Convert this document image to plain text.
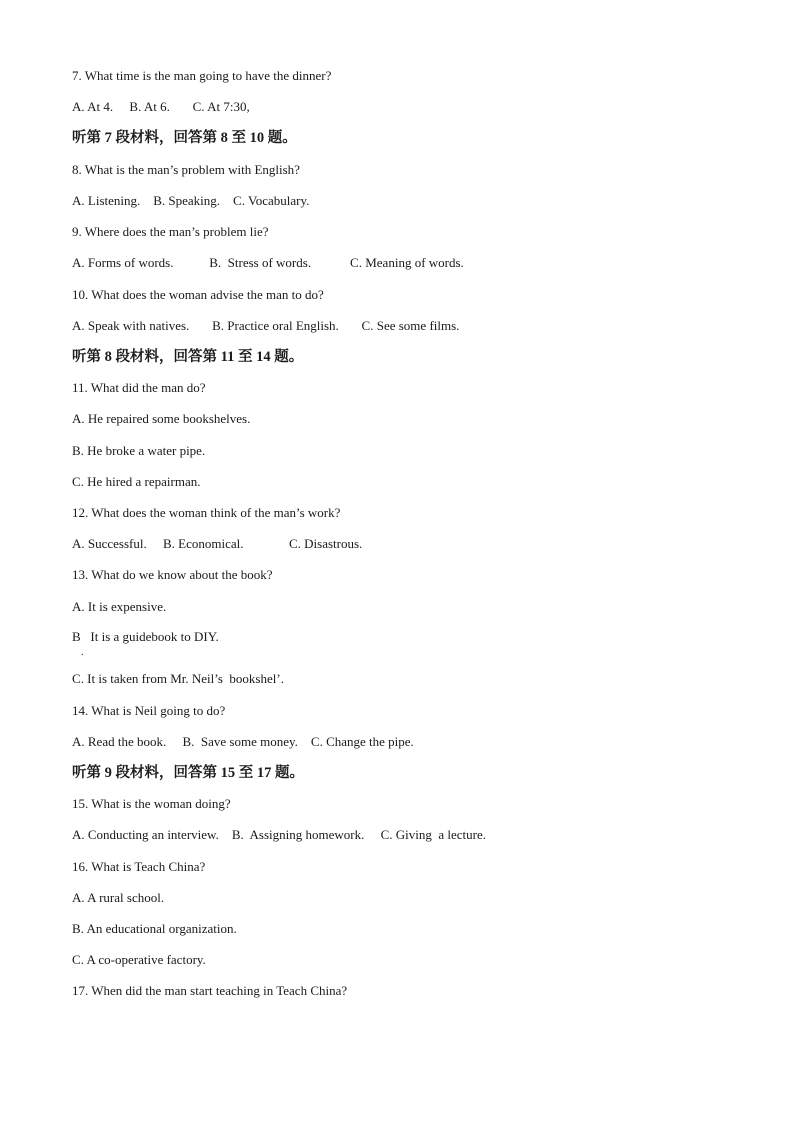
7. What time is the man going to have the dinner?
A. At 4.     B. At 6.       C. At 7:30,
听第 7 段材料，回答第 8 至 10 题。
8. What is the man’s problem with English?
A. Listening.    B. Speaking.    C. Vocabulary.
9. Where does the man’s problem lie?
A. Forms of words.           B.  Stress of words.            C. Meaning of words.
10. What does the woman advise the man to do?
A. Speak with natives.       B. Practice oral English.       C. See some films.
听第 8 段材料，回答第 11 至 14 题。
11. What did the man do?
A. He repaired some bookshelves.
B. He broke a water pipe.
C. He hired a repairman.
12. What does the woman think of the man’s work?
A. Successful.     B. Economical.              C. Disastrous.
13. What do we know about the book?
A. It is expensive.
B   It is a guidebook to DIY.
.
C. It is taken from Mr. Neil’s  bookshel’.
14. What is Neil going to do?
A. Read the book.     B.  Save some money.    C. Change the pipe.
听第 9 段材料，回答第 15 至 17 题。
15. What is the woman doing?
A. Conducting an interview.    B.  Assigning homework.     C. Giving  a lecture.
16. What is Teach China?
A. A rural school.
B. An educational organization.
C. A co-operative factory.
17. When did the man start teaching in Teach China?
